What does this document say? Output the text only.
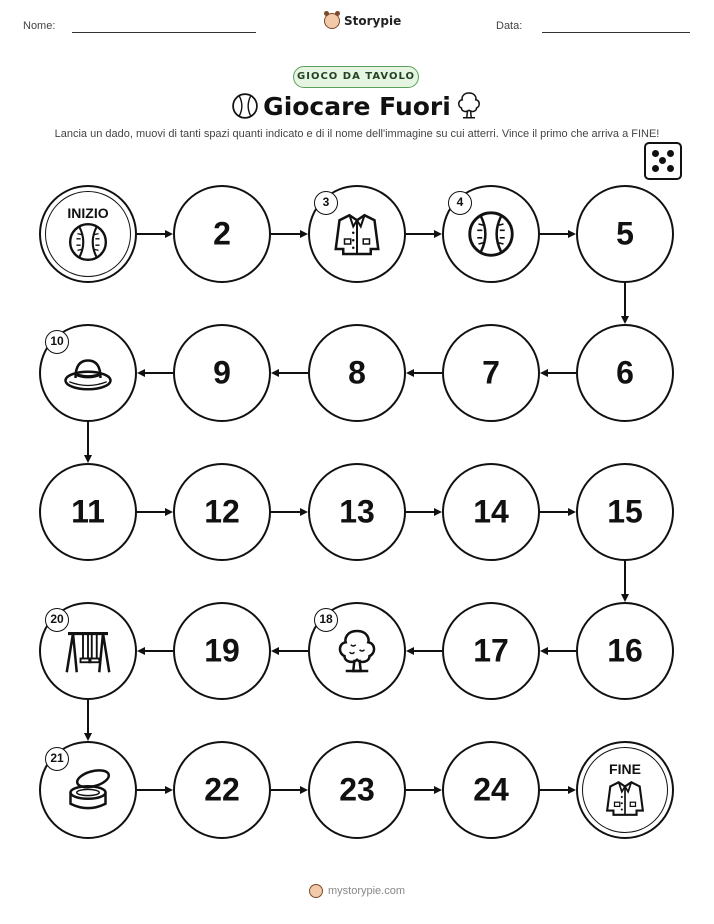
Nome:	Storypie	Data:
GIOCO DA TAVOLO
Giocare Fuori
Lancia un dado, muovi di tanti spazi quanti indicato e di il nome dell'immagine su cui atterri. Vince il primo che arriva a FINE!
INIZIO
2
3	4
5
6
7
8
9
10
11	12	13	14	15
16
17
18
19
20
21
22	23	24
FINE
mystorypie.com
